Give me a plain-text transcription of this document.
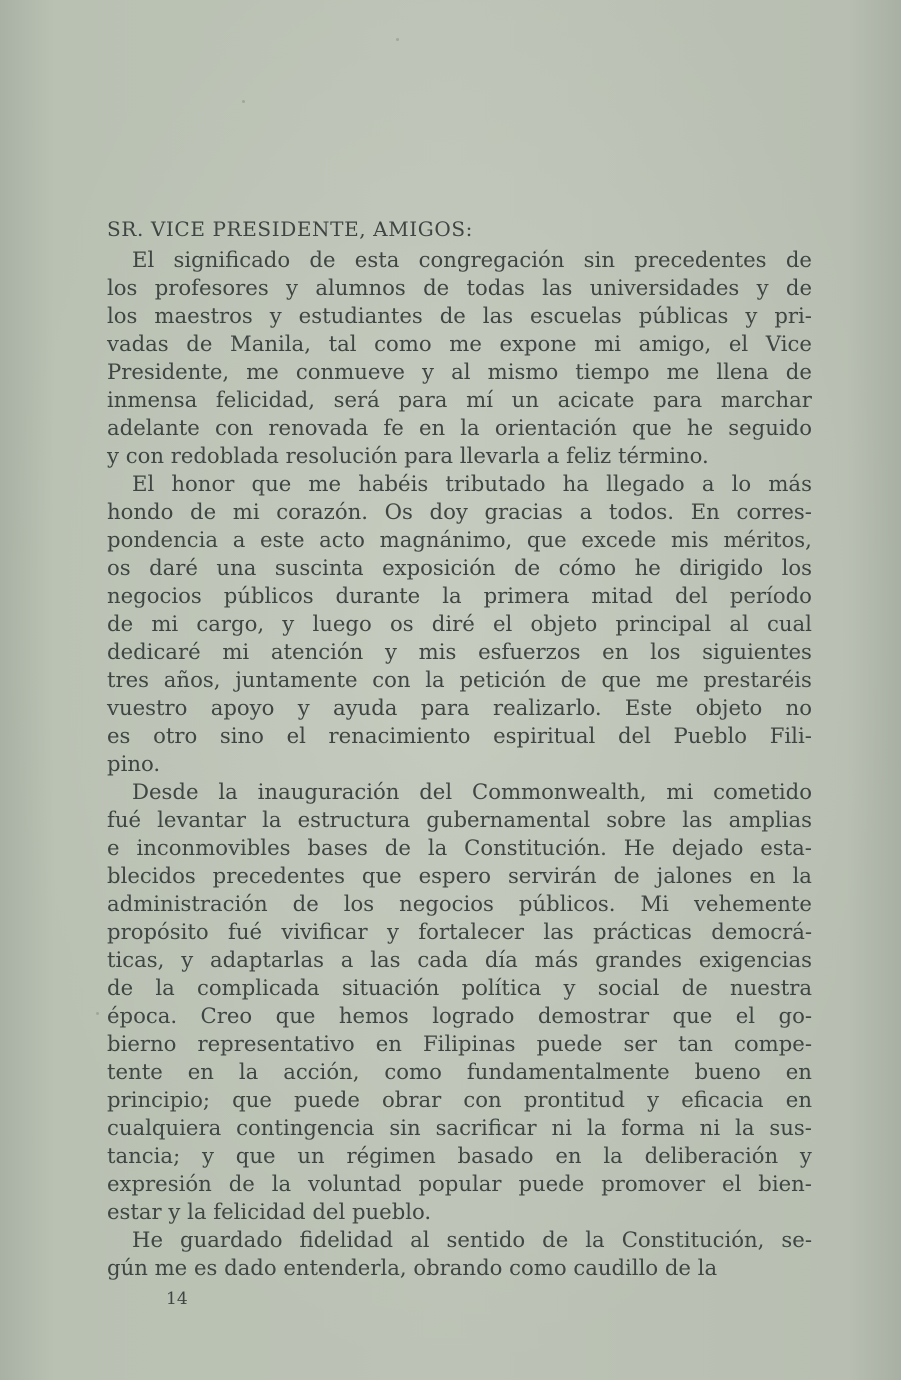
SR. VICE PRESIDENTE, AMIGOS:
El significado de esta congregación sin precedentes de
los profesores y alumnos de todas las universidades y de
los maestros y estudiantes de las escuelas públicas y pri-
vadas de Manila, tal como me expone mi amigo, el Vice
Presidente, me conmueve y al mismo tiempo me llena de
inmensa felicidad, será para mí un acicate para marchar
adelante con renovada fe en la orientación que he seguido
y con redoblada resolución para llevarla a feliz término.
El honor que me habéis tributado ha llegado a lo más
hondo de mi corazón. Os doy gracias a todos. En corres-
pondencia a este acto magnánimo, que excede mis méritos,
os daré una suscinta exposición de cómo he dirigido los
negocios públicos durante la primera mitad del período
de mi cargo, y luego os diré el objeto principal al cual
dedicaré mi atención y mis esfuerzos en los siguientes
tres años, juntamente con la petición de que me prestaréis
vuestro apoyo y ayuda para realizarlo. Este objeto no
es otro sino el renacimiento espiritual del Pueblo Fili-
pino.
Desde la inauguración del Commonwealth, mi cometido
fué levantar la estructura gubernamental sobre las amplias
e inconmovibles bases de la Constitución. He dejado esta-
blecidos precedentes que espero servirán de jalones en la
administración de los negocios públicos. Mi vehemente
propósito fué vivificar y fortalecer las prácticas democrá-
ticas, y adaptarlas a las cada día más grandes exigencias
de la complicada situación política y social de nuestra
época. Creo que hemos logrado demostrar que el go-
bierno representativo en Filipinas puede ser tan compe-
tente en la acción, como fundamentalmente bueno en
principio; que puede obrar con prontitud y eficacia en
cualquiera contingencia sin sacrificar ni la forma ni la sus-
tancia; y que un régimen basado en la deliberación y
expresión de la voluntad popular puede promover el bien-
estar y la felicidad del pueblo.
He guardado fidelidad al sentido de la Constitución, se-
gún me es dado entenderla, obrando como caudillo de la
14
